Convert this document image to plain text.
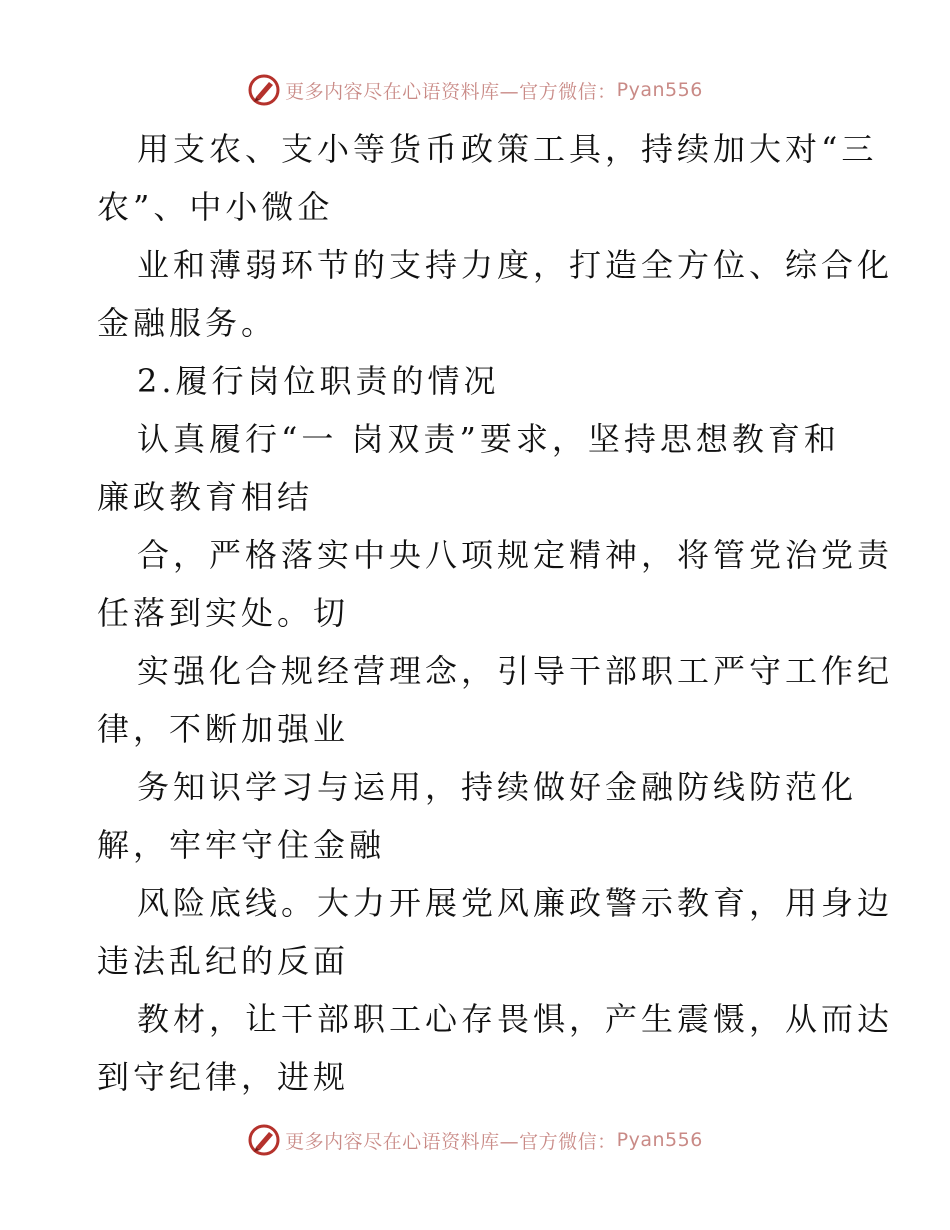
更多内容尽在心语资料库—官方微信： Pyan556
用支农、支小等货币政策工具，持续加大对“三
农”、中小微企
业和薄弱环节的支持力度，打造全方位、综合化
金融服务。
2.履行岗位职责的情况
认真履行“一 岗双责”要求，坚持思想教育和
廉政教育相结
合，严格落实中央八项规定精神，将管党治党责
任落到实处。切
实强化合规经营理念，引导干部职工严守工作纪
律，不断加强业
务知识学习与运用，持续做好金融防线防范化
解，牢牢守住金融
风险底线。大力开展党风廉政警示教育，用身边
违法乱纪的反面
教材，让干部职工心存畏惧，产生震慑，从而达
到守纪律，进规
更多内容尽在心语资料库—官方微信： Pyan556
